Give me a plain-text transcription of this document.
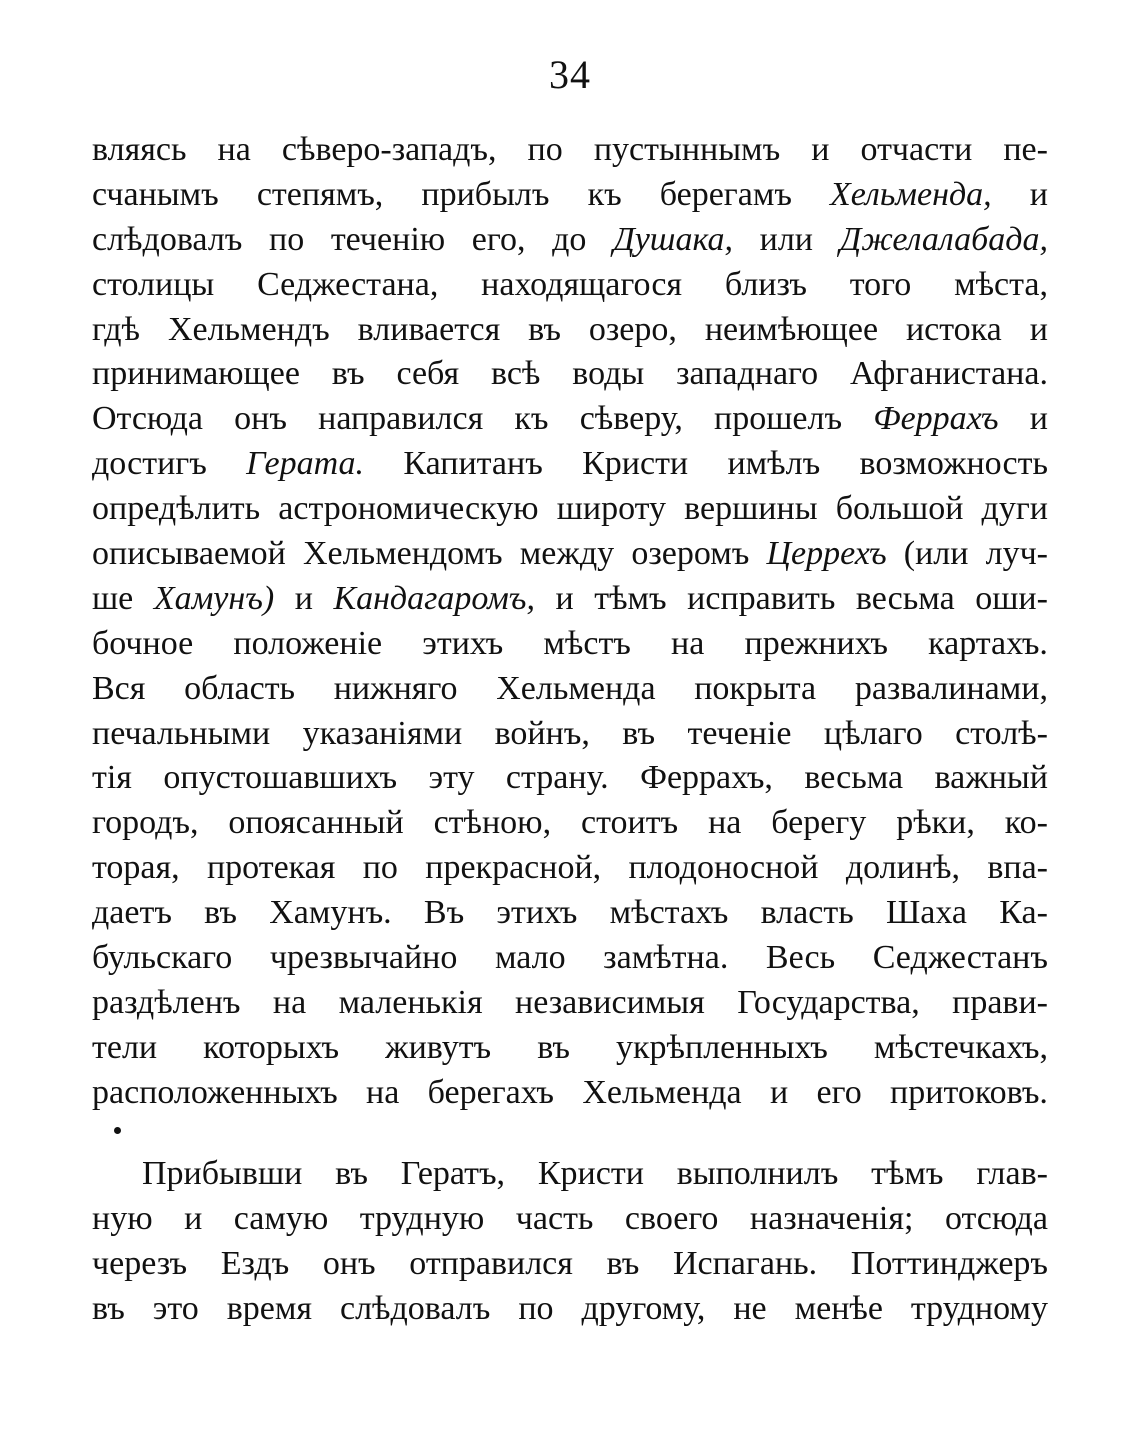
34
вляясь на сѣверо-западъ, по пустыннымъ и отчасти пе-
счанымъ степямъ, прибылъ къ берегамъ Хельменда, и
слѣдовалъ по теченiю его, до Душака, или Джелалабада,
столицы Седжестана, находящагося близъ того мѣста,
гдѣ Хельмендъ вливается въ озеро, неимѣющее истока и
принимающее въ себя всѣ воды западнаго Афганистана.
Отсюда онъ направился къ сѣверу, прошелъ Феррахъ и
достигъ Герата. Капитанъ Кристи имѣлъ возможность
опредѣлить астрономическую широту вершины большой дуги
описываемой Хельмендомъ между озеромъ Церрехъ (или луч-
ше Хамунъ) и Кандагаромъ, и тѣмъ исправить весьма оши-
бочное положенiе этихъ мѣстъ на прежнихъ картахъ.
Вся область нижняго Хельменда покрыта развалинами,
печальными указанiями войнъ, въ теченiе цѣлаго столѣ-
тiя опустошавшихъ эту страну. Феррахъ, весьма важный
городъ, опоясанный стѣною, стоитъ на берегу рѣки, ко-
торая, протекая по прекрасной, плодоносной долинѣ, впа-
даетъ въ Хамунъ. Въ этихъ мѣстахъ власть Шаха Ка-
бульскаго чрезвычайно мало замѣтна. Весь Седжестанъ
раздѣленъ на маленькiя независимыя Государства, прави-
тели которыхъ живутъ въ укрѣпленныхъ мѣстечкахъ,
расположенныхъ на берегахъ Хельменда и его притоковъ.
Прибывши въ Гератъ, Кристи выполнилъ тѣмъ глав-
ную и самую трудную часть своего назначенiя; отсюда
черезъ Ездъ онъ отправился въ Испагань. Поттинджеръ
въ это время слѣдовалъ по другому, не менѣе трудному
